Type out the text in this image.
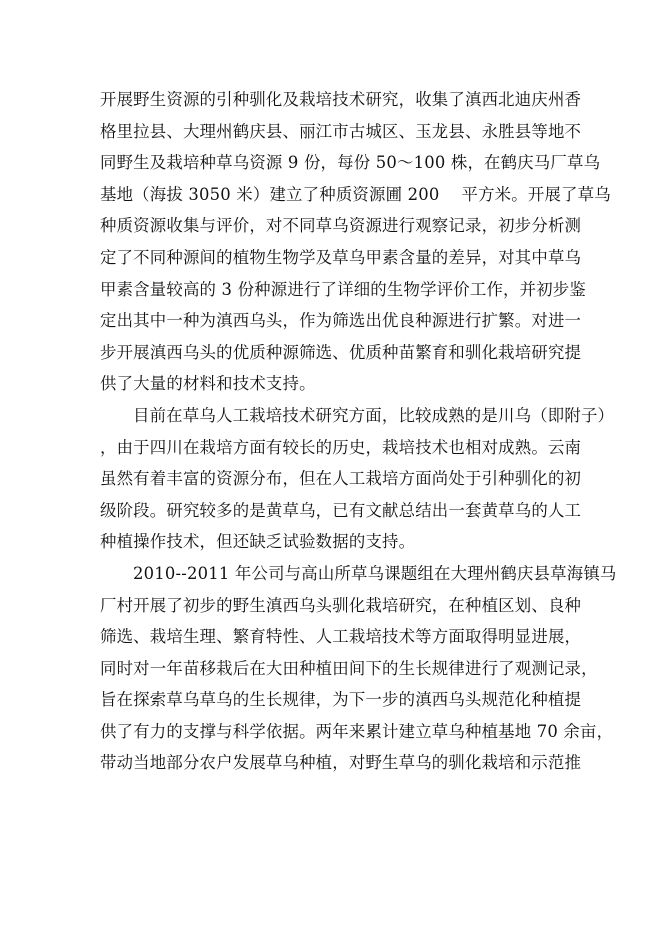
开展野生资源的引种驯化及栽培技术研究，收集了滇西北迪庆州香
格里拉县、大理州鹤庆县、丽江市古城区、玉龙县、永胜县等地不
同野生及栽培种草乌资源 9 份，每份 50～100 株，在鹤庆马厂草乌
基地（海拔 3050 米）建立了种质资源圃 200　 平方米。开展了草乌
种质资源收集与评价，对不同草乌资源进行观察记录，初步分析测
定了不同种源间的植物生物学及草乌甲素含量的差异，对其中草乌
甲素含量较高的 3 份种源进行了详细的生物学评价工作，并初步鉴
定出其中一种为滇西乌头，作为筛选出优良种源进行扩繁。对进一
步开展滇西乌头的优质种源筛选、优质种苗繁育和驯化栽培研究提
供了大量的材料和技术支持。
目前在草乌人工栽培技术研究方面，比较成熟的是川乌（即附子）
，由于四川在栽培方面有较长的历史，栽培技术也相对成熟。云南
虽然有着丰富的资源分布，但在人工栽培方面尚处于引种驯化的初
级阶段。研究较多的是黄草乌，已有文献总结出一套黄草乌的人工
种植操作技术，但还缺乏试验数据的支持。
2010--2011 年公司与高山所草乌课题组在大理州鹤庆县草海镇马
厂村开展了初步的野生滇西乌头驯化栽培研究，在种植区划、良种
筛选、栽培生理、繁育特性、人工栽培技术等方面取得明显进展，
同时对一年苗移栽后在大田种植田间下的生长规律进行了观测记录，
旨在探索草乌草乌的生长规律，为下一步的滇西乌头规范化种植提
供了有力的支撑与科学依据。两年来累计建立草乌种植基地 70 余亩，
带动当地部分农户发展草乌种植，对野生草乌的驯化栽培和示范推
